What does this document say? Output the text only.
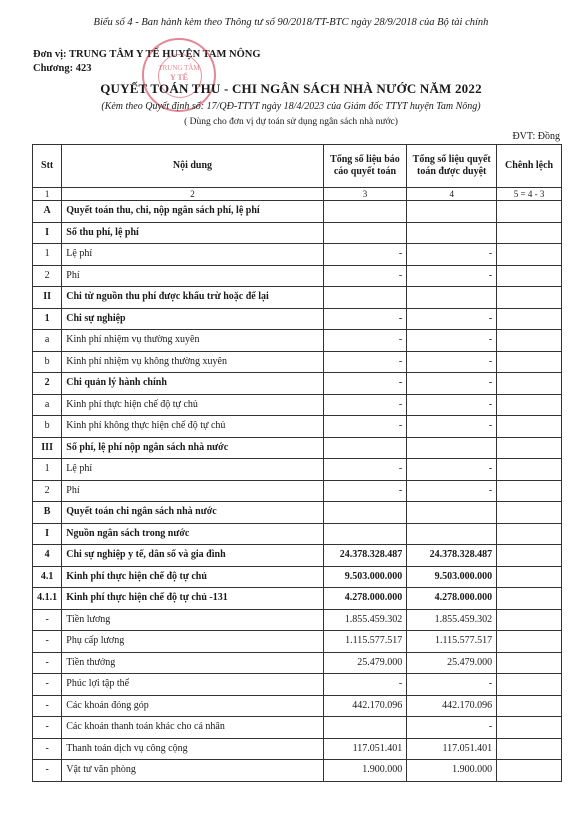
Biểu số 4 - Ban hành kèm theo Thông tư số 90/2018/TT-BTC ngày 28/9/2018 của Bộ tài chính
Đơn vị: TRUNG TÂM Y TẾ HUYỆN TAM NÔNG
Chương: 423	TRUNG TÂM
Y TẾ
QUYẾT TOÁN THU - CHI NGÂN SÁCH NHÀ NƯỚC NĂM 2022
(Kèm theo Quyết định số: 17/QĐ-TTYT ngày 18/4/2023 của Giám đốc TTYT huyện Tam Nông)
( Dùng cho đơn vị dự toán sử dụng ngân sách nhà nước)
ĐVT: Đồng
Stt	Nội dung	Tổng số liệu báo cáo quyết toán	Tổng số liệu quyết toán được duyệt	Chênh lệch
1	2	3	4	5 = 4 - 3
A	Quyết toán thu, chi, nộp ngân sách phí, lệ phí			
I	Số thu phí, lệ phí			
1	Lệ phí	-	-	
2	Phí	-	-	
II	Chi từ nguồn thu phí được khấu trừ hoặc để lại			
1	Chi sự nghiệp	-	-	
a	Kinh phí nhiệm vụ thường xuyên	-	-	
b	Kinh phí nhiệm vụ không thường xuyên	-	-	
2	Chi quản lý hành chính	-	-	
a	Kinh phí thực hiện chế độ tự chủ	-	-	
b	Kinh phí không thực hiện chế độ tự chủ	-	-	
III	Số phí, lệ phí nộp ngân sách nhà nước			
1	Lệ phí	-	-	
2	Phí	-	-	
B	Quyết toán chi ngân sách nhà nước			
I	Nguồn ngân sách trong nước			
4	Chi sự nghiệp y tế, dân số và gia đình	24.378.328.487	24.378.328.487	
4.1	Kinh phí thực hiện chế độ tự chủ	9.503.000.000	9.503.000.000	
4.1.1	Kinh phí thực hiện chế độ tự chủ -131	4.278.000.000	4.278.000.000	
-	Tiền lương	1.855.459.302	1.855.459.302	
-	Phụ cấp lương	1.115.577.517	1.115.577.517	
-	Tiền thưởng	25.479.000	25.479.000	
-	Phúc lợi tập thể	-	-	
-	Các khoản đóng góp	442.170.096	442.170.096	
-	Các khoản thanh toán khác cho cá nhân		-	
-	Thanh toán dịch vụ công cộng	117.051.401	117.051.401	
-	Vật tư văn phòng	1.900.000	1.900.000	
